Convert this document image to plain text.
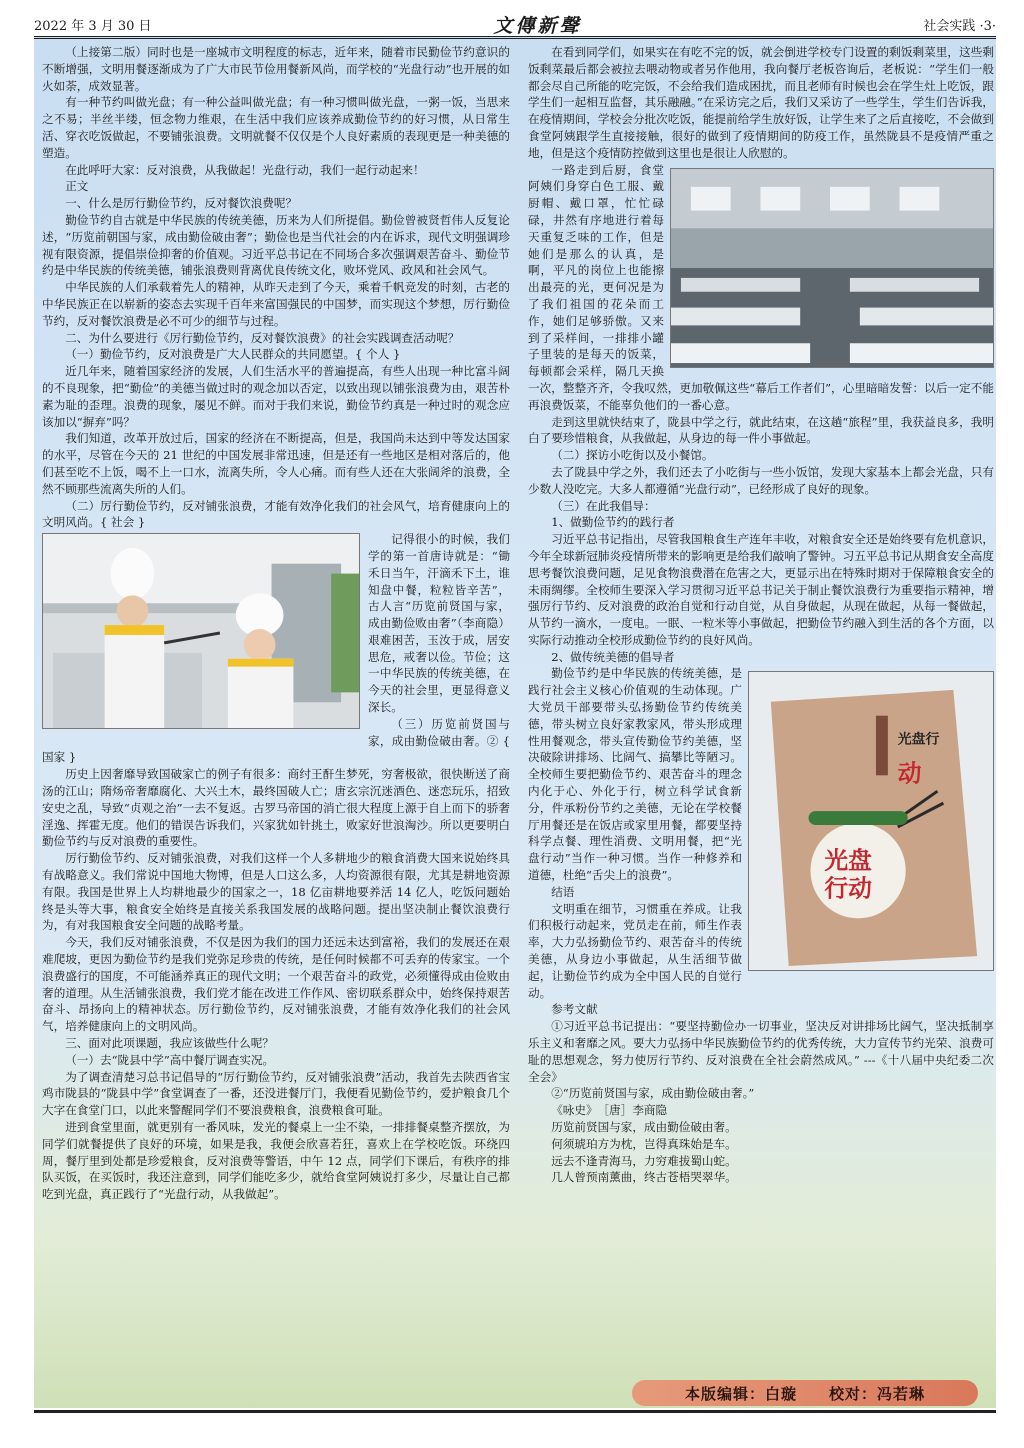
2022 年 3 月 30 日	文傳新聲	社会实践 ·3·

（上接第二版）同时也是一座城市文明程度的标志，近年来，随着市民勤俭节约意识的不断增强，文明用餐逐渐成为了广大市民节俭用餐新风尚，而学校的“光盘行动”也开展的如火如荼，成效显著。

有一种节约叫做光盘；有一种公益叫做光盘；有一种习惯叫做光盘，一粥一饭，当思来之不易；半丝半缕，恒念物力维艰，在生活中我们应该养成勤俭节约的好习惯，从日常生活、穿衣吃饭做起，不要铺张浪费。文明就餐不仅仅是个人良好素质的表现更是一种美德的塑造。

在此呼吁大家：反对浪费，从我做起！光盘行动，我们一起行动起来！

正文

一、什么是厉行勤俭节约，反对餐饮浪费呢？

勤俭节约自古就是中华民族的传统美德，历来为人们所提倡。勤俭曾被贤哲伟人反复论述，“历览前朝国与家，成由勤俭破由奢”；勤俭也是当代社会的内在诉求，现代文明强调珍视有限资源，提倡崇俭抑奢的价值观。习近平总书记在不同场合多次强调艰苦奋斗、勤俭节约是中华民族的传统美德，铺张浪费则背离优良传统文化，败坏党风、政风和社会风气。

中华民族的人们承载着先人的精神，从昨天走到了今天，乘着千帆竞发的时刻，古老的中华民族正在以崭新的姿态去实现千百年来富国强民的中国梦，而实现这个梦想，厉行勤俭节约，反对餐饮浪费是必不可少的细节与过程。

二、为什么要进行《厉行勤俭节约，反对餐饮浪费》的社会实践调查活动呢？

（一）勤俭节约，反对浪费是广大人民群众的共同愿望。{ 个人 }

近几年来，随着国家经济的发展，人们生活水平的普遍提高，有些人出现一种比富斗阔的不良现象，把“勤俭”的美德当做过时的观念加以否定，以致出现以铺张浪费为由，艰苦朴素为耻的歪理。浪费的现象，屡见不鲜。而对于我们来说，勤俭节约真是一种过时的观念应该加以“摒弃”吗？

我们知道，改革开放过后，国家的经济在不断提高，但是，我国尚未达到中等发达国家的水平，尽管在今天的 21 世纪的中国发展非常迅速，但是还有一些地区是相对落后的，他们甚至吃不上饭，喝不上一口水，流离失所，令人心痛。而有些人还在大张阔斧的浪费，全然不顾那些流离失所的人们。

（二）厉行勤俭节约，反对铺张浪费，才能有效净化我们的社会风气，培育健康向上的文明风尚。{ 社会 }

记得很小的时候，我们学的第一首唐诗就是：“锄禾日当午，汗滴禾下土，谁知盘中餐，粒粒皆辛苦”，古人言“历览前贤国与家，成由勤俭败由奢”（李商隐）艰难困苦，玉汝于成，居安思危，戒奢以俭。节俭；这一中华民族的传统美德，在今天的社会里，更显得意义深长。

（三）历览前贤国与家，成由勤俭破由奢。② { 国家 }

历史上因奢靡导致国破家亡的例子有很多：商纣王酐生梦死，穷奢极欲，很快断送了商汤的江山；隋炀帝奢靡腐化、大兴土木，最终国破人亡；唐玄宗沉迷酒色、迷恋玩乐，招致安史之乱，导致“贞观之治”一去不复返。古罗马帝国的消亡很大程度上源于自上而下的骄奢淫逸、挥霍无度。他们的错误告诉我们，兴家犹如针挑土，败家好世浪淘沙。所以更要明白勤俭节约与反对浪费的重要性。

厉行勤俭节约、反对铺张浪费，对我们这样一个人多耕地少的粮食消费大国来说始终具有战略意义。我们常说中国地大物博，但是人口这么多，人均资源很有限，尤其是耕地资源有限。我国是世界上人均耕地最少的国家之一，18 亿亩耕地要养活 14 亿人，吃饭问题始终是头等大事，粮食安全始终是直接关系我国发展的战略问题。提出坚决制止餐饮浪费行为，有对我国粮食安全问题的战略考量。

今天，我们反对铺张浪费，不仅是因为我们的国力还远未达到富裕，我们的发展还在艰难爬坡，更因为勤俭节约是我们党弥足珍贵的传统，是任何时候都不可丢弃的传家宝。一个浪费盛行的国度，不可能涵养真正的现代文明；一个艰苦奋斗的政党，必须懂得成由俭败由奢的道理。从生活铺张浪费，我们党才能在改进工作作风、密切联系群众中，始终保持艰苦奋斗、昂扬向上的精神状态。厉行勤俭节约，反对铺张浪费，才能有效净化我们的社会风气，培养健康向上的文明风尚。

三、面对此项课题，我应该做些什么呢？

（一）去“陇县中学”高中餐厅调查实况。

为了调查清楚习总书记倡导的“厉行勤俭节约，反对铺张浪费”活动，我首先去陕西省宝鸡市陇县的“陇县中学”食堂调查了一番，还没进餐厅门，我便看见勤俭节约，爱护粮食几个大字在食堂门口，以此来警醒同学们不要浪费粮食，浪费粮食可耻。

进到食堂里面，就更别有一番风味，发光的餐桌上一尘不染，一排排餐桌整齐摆放，为同学们就餐提供了良好的环境，如果是我，我便会欣喜若狂，喜欢上在学校吃饭。环绕四周，餐厅里到处都是珍爱粮食，反对浪费等警语，中午 12 点，同学们下课后，有秩序的排队买饭，在买饭时，我还注意到，同学们能吃多少，就给食堂阿姨说打多少，尽量让自己都吃到光盘，真正践行了“光盘行动，从我做起”。

在看到同学们，如果实在有吃不完的饭，就会倒进学校专门设置的剩饭剩菜里，这些剩饭剩菜最后都会被拉去喂动物或者另作他用，我向餐厅老板咨询后，老板说：“学生们一般都会尽自己所能的吃完饭，不会给我们造成困扰，而且老师有时候也会在学生灶上吃饭，跟学生们一起相互监督，其乐融融。”在采访完之后，我们又采访了一些学生，学生们告诉我，在疫情期间，学校会分批次吃饭，能提前给学生放好饭，让学生来了之后直接吃，不会做到食堂阿姨跟学生直接接触，很好的做到了疫情期间的防疫工作，虽然陇县不是疫情严重之地，但是这个疫情防控做到这里也是很让人欣慰的。

一路走到后厨，食堂阿姨们身穿白色工服、戴厨帽、戴口罩，忙忙碌碌，井然有序地进行着每天重复乏味的工作，但是她们是那么的认真，是啊，平凡的岗位上也能擦出最亮的光，更何况是为了我们祖国的花朵而工作，她们足够骄傲。又来到了采样间，一排排小罐子里装的是每天的饭菜，每顿都会采样，隔几天换一次，整整齐齐，令我叹然，更加敬佩这些“幕后工作者们”，心里暗暗发誓：以后一定不能再浪费饭菜，不能辜负他们的一番心意。

走到这里就快结束了，陇县中学之行，就此结束，在这趟“旅程”里，我获益良多，我明白了要珍惜粮食，从我做起，从身边的每一件小事做起。

（二）探访小吃街以及小餐馆。

去了陇县中学之外，我们还去了小吃街与一些小饭馆，发现大家基本上都会光盘，只有少数人没吃完。大多人都遵循“光盘行动”，已经形成了良好的现象。

（三）在此我倡导：

1、做勤俭节约的践行者

习近平总书记指出，尽管我国粮食生产连年丰收，对粮食安全还是始终要有危机意识，今年全球新冠肺炎疫情所带来的影响更是给我们敲响了警钟。习五平总书记从期食安全高度思考餐饮浪费问题，足见食物浪费潜在危害之大，更显示出在特殊时期对于保障粮食安全的未雨绸缪。全校师生要深入学习贯彻习近平总书记关于制止餐饮浪费行为重要指示精神，增强厉行节约、反对浪费的政治自觉和行动自觉，从自身做起，从现在做起，从每一餐做起，从节约一滴水，一度电。一眠、一粒米等小事做起，把勤俭节约融入到生活的各个方面，以实际行动推动全校形成勤俭节约的良好风尚。

2、做传统美德的倡导者

光盘行
动
光盘
行动

勤俭节约是中华民族的传统美德，是践行社会主义核心价值观的生动体现。广大党员干部要带头弘扬勤俭节约传统美德，带头树立良好家教家风，带头形成理性用餐观念，带头宣传勤俭节约美德，坚决破除讲排场、比阔气、搞攀比等陋习。全校师生要把勤俭节约、艰苦奋斗的理念内化于心、外化于行，树立科学试食新分，件承粉份节约之美德，无论在学校餐厅用餐还是在饭店或家里用餐，都要坚持科学点餐、理性消费、文明用餐，把“光盘行动”当作一种习惯。当作一种修养和道德，杜绝“舌尖上的浪费”。

结语

文明重在细节，习惯重在养成。让我们积极行动起来，党员走在前，师生作表率，大力弘扬勤俭节约、艰苦奋斗的传统美德，从身边小事做起，从生活细节做起，让勤俭节约成为全中国人民的自觉行动。

参考文献

①习近平总书记提出：“要坚持勤俭办一切事业，坚决反对讲排场比阔气，坚决抵制享乐主义和奢靡之风。要大力弘扬中华民族勤俭节约的优秀传统，大力宣传节约光荣、浪费可耻的思想观念，努力使厉行节约、反对浪费在全社会蔚然成风。” ---《十八届中央纪委二次全会》

②“历览前贤国与家，成由勤俭破由奢。”

《咏史》　［唐］李商隐

历览前贤国与家，成由勤俭破由奢。

何须琥珀方为枕，岂得真珠始是车。

远去不逢青海马，力穷难拔蜀山蛇。

几人曾预南薰曲，终古苍梧哭翠华。

本版编辑：白璇　　校对：冯若琳
